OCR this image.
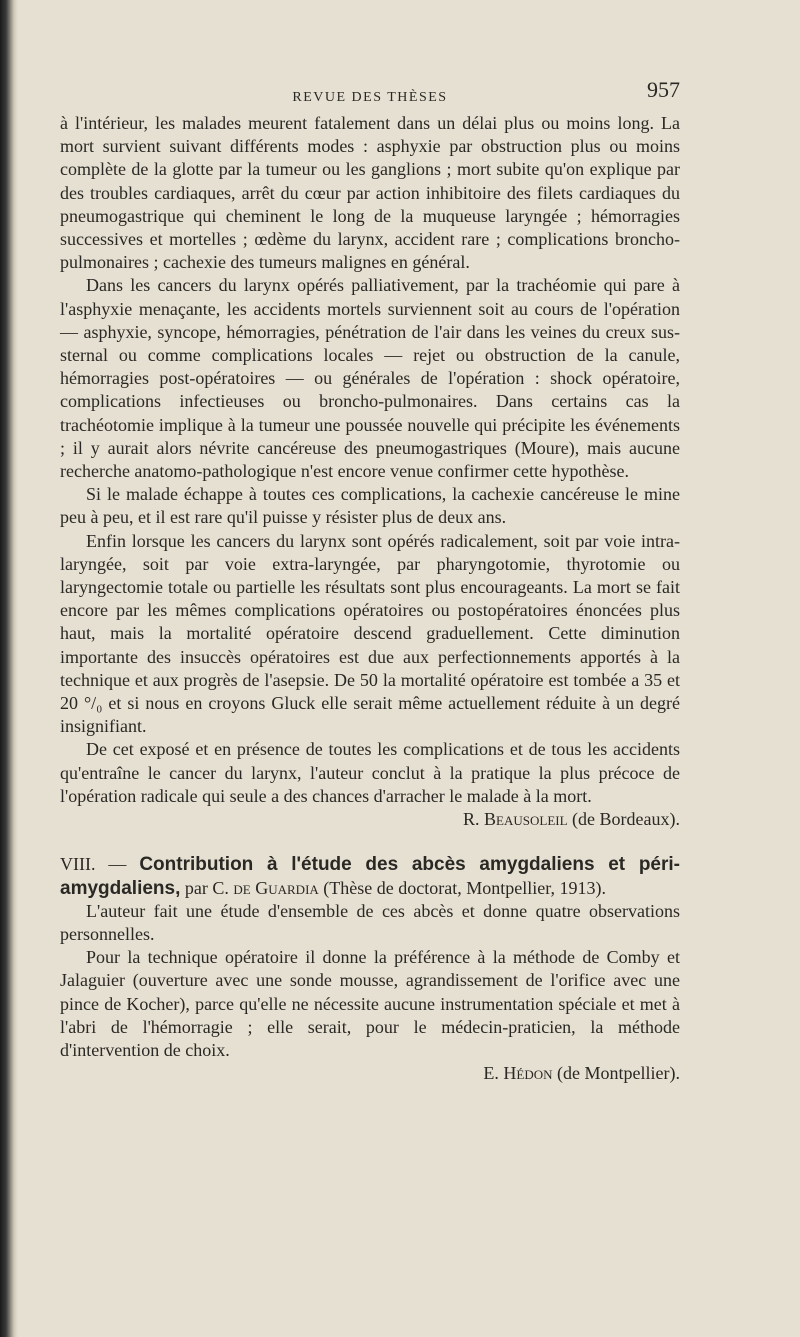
REVUE DES THÈSES	957

à l'intérieur, les malades meurent fatalement dans un délai plus ou moins long. La mort survient suivant différents modes : asphyxie par obstruction plus ou moins complète de la glotte par la tumeur ou les ganglions ; mort subite qu'on explique par des troubles cardiaques, arrêt du cœur par action inhibitoire des filets cardiaques du pneumogastrique qui cheminent le long de la muqueuse laryngée ; hémorragies successives et mortelles ; œdème du larynx, accident rare ; complications broncho-pulmonaires ; cachexie des tumeurs malignes en général.

Dans les cancers du larynx opérés palliativement, par la trachéomie qui pare à l'asphyxie menaçante, les accidents mortels surviennent soit au cours de l'opération — asphyxie, syncope, hémorragies, pénétration de l'air dans les veines du creux sus-sternal ou comme complications locales — rejet ou obstruction de la canule, hémorragies post-opératoires — ou générales de l'opération : shock opératoire, complications infectieuses ou broncho-pulmonaires. Dans certains cas la trachéotomie implique à la tumeur une poussée nouvelle qui précipite les événements ; il y aurait alors névrite cancéreuse des pneumogastriques (Moure), mais aucune recherche anatomo-pathologique n'est encore venue confirmer cette hypothèse.

Si le malade échappe à toutes ces complications, la cachexie cancéreuse le mine peu à peu, et il est rare qu'il puisse y résister plus de deux ans.

Enfin lorsque les cancers du larynx sont opérés radicalement, soit par voie intra-laryngée, soit par voie extra-laryngée, par pharyngotomie, thyrotomie ou laryngectomie totale ou partielle les résultats sont plus encourageants. La mort se fait encore par les mêmes complications opératoires ou postopératoires énoncées plus haut, mais la mortalité opératoire descend graduellement. Cette diminution importante des insuccès opératoires est due aux perfectionnements apportés à la technique et aux progrès de l'asepsie. De 50 la mortalité opératoire est tombée a 35 et 20 °/₀ et si nous en croyons Gluck elle serait même actuellement réduite à un degré insignifiant.

De cet exposé et en présence de toutes les complications et de tous les accidents qu'entraîne le cancer du larynx, l'auteur conclut à la pratique la plus précoce de l'opération radicale qui seule a des chances d'arracher le malade à la mort.

R. Beausoleil (de Bordeaux).

VIII. — Contribution à l'étude des abcès amygdaliens et péri-amygdaliens, par C. de Guardia (Thèse de doctorat, Montpellier, 1913).

L'auteur fait une étude d'ensemble de ces abcès et donne quatre observations personnelles.

Pour la technique opératoire il donne la préférence à la méthode de Comby et Jalaguier (ouverture avec une sonde mousse, agrandissement de l'orifice avec une pince de Kocher), parce qu'elle ne nécessite aucune instrumentation spéciale et met à l'abri de l'hémorragie ; elle serait, pour le médecin-praticien, la méthode d'intervention de choix.

E. Hédon (de Montpellier).
